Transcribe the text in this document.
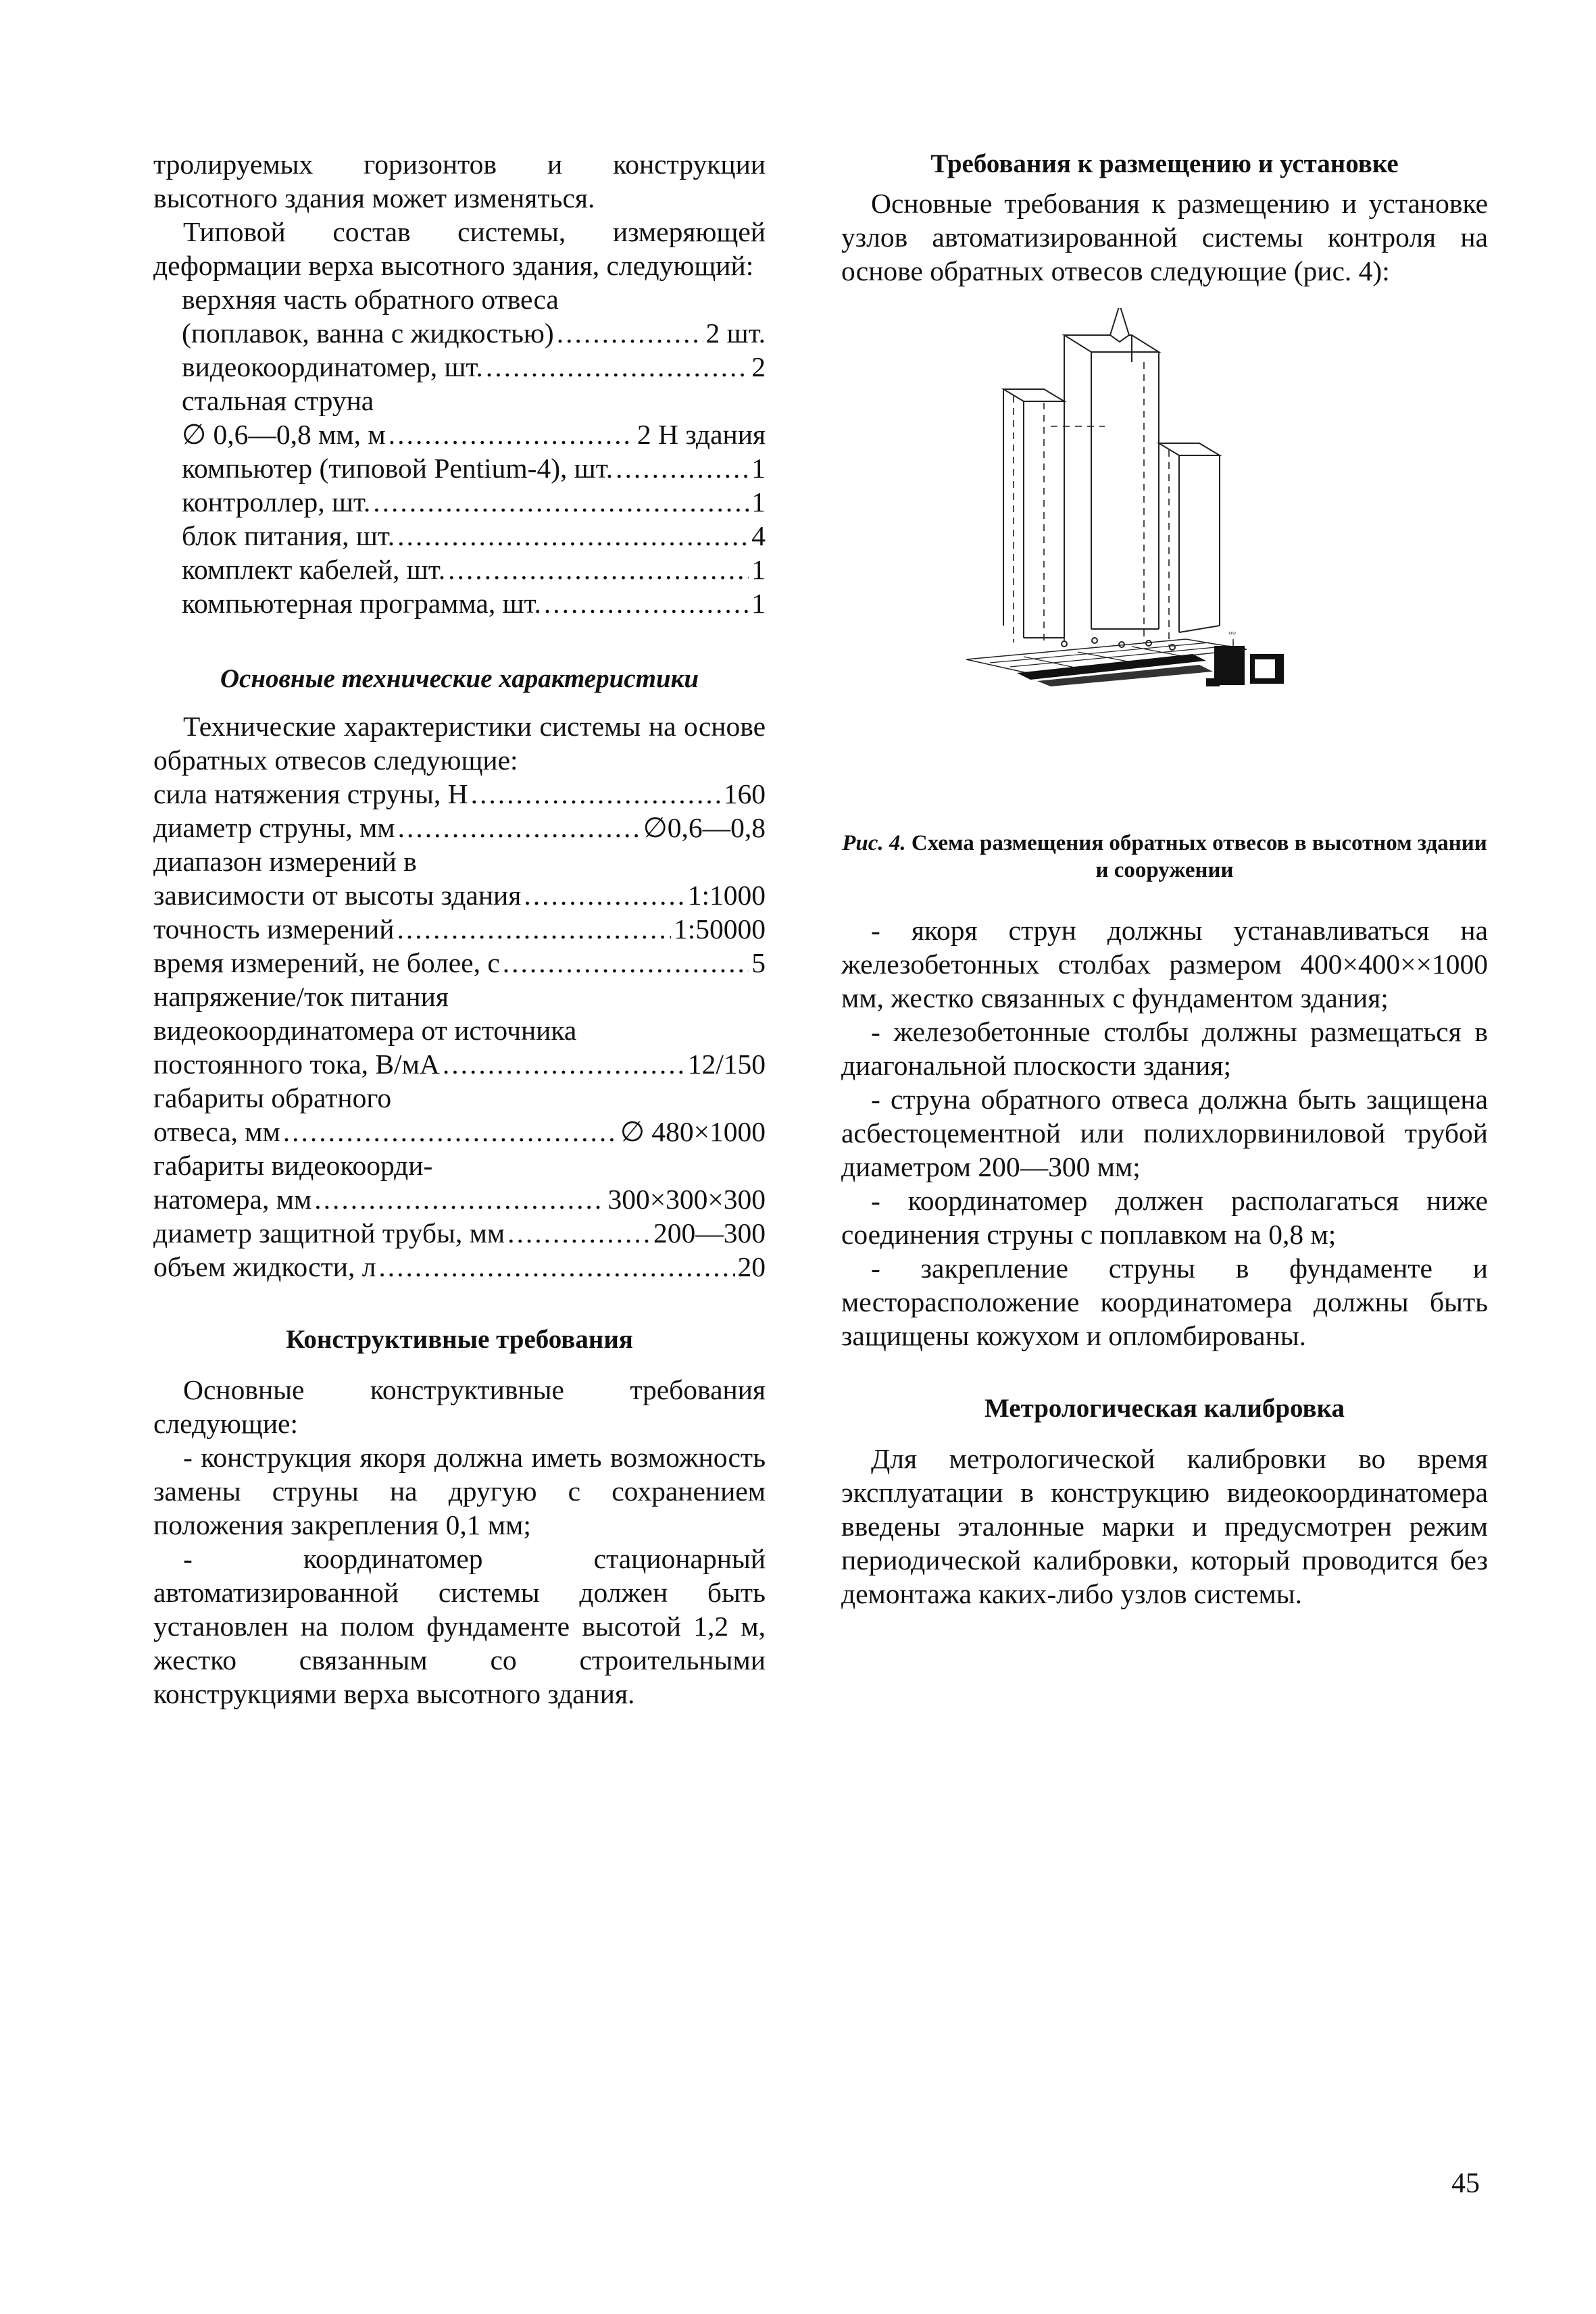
тролируемых горизонтов и конструкции высотного здания может изменяться.

Типовой состав системы, измеряющей деформации верха высотного здания, следующий:

верхняя часть обратного отвеса
(поплавок, ванна с жидкостью) .....	2 шт.
видеокоординатомер, шт. .....	2
стальная струна
∅ 0,6—0,8 мм, м .....	2 H здания
компьютер (типовой Pentium-4), шт. .....	1
контроллер, шт. .....	1
блок питания, шт. .....	4
комплект кабелей, шт. .....	1
компьютерная программа, шт. .....	1
Основные технические характеристики

Технические характеристики системы на основе обратных отвесов следующие:

сила натяжения струны, Н .....	160
диаметр струны, мм .....	∅0,6—0,8
диапазон измерений в
зависимости от высоты здания .....	1:1000
точность измерений .....	1:50000
время измерений, не более, с .....	5
напряжение/ток питания
видеокоординатомера от источника
постоянного тока, В/мА .....	12/150
габариты обратного
отвеса, мм .....	∅ 480×1000
габариты видеокоорди-
натомера, мм .....	300×300×300
диаметр защитной трубы, мм .....	200—300
объем жидкости, л .....	20
Конструктивные требования

Основные конструктивные требования следующие:

- конструкция якоря должна иметь возможность замены струны на другую с сохранением положения закрепления 0,1 мм;

- координатомер стационарный автоматизированной системы должен быть установлен на полом фундаменте высотой 1,2 м, жестко связанным со строительными конструкциями верха высотного здания.

Требования к размещению и установке

Основные требования к размещению и установке узлов автоматизированной системы контроля на основе обратных отвесов следующие (рис. 4):

°°

Рис. 4. Схема размещения обратных отвесов в высотном здании и сооружении

- якоря струн должны устанавливаться на железобетонных столбах размером 400×400××1000 мм, жестко связанных с фундаментом здания;

- железобетонные столбы должны размещаться в диагональной плоскости здания;

- струна обратного отвеса должна быть защищена асбестоцементной или полихлорвиниловой трубой диаметром 200—300 мм;

- координатомер должен располагаться ниже соединения струны с поплавком на 0,8 м;

- закрепление струны в фундаменте и месторасположение координатомера должны быть защищены кожухом и опломбированы.

Метрологическая калибровка

Для метрологической калибровки во время эксплуатации в конструкцию видеокоординатомера введены эталонные марки и предусмотрен режим периодической калибровки, который проводится без демонтажа каких-либо узлов системы.

45
